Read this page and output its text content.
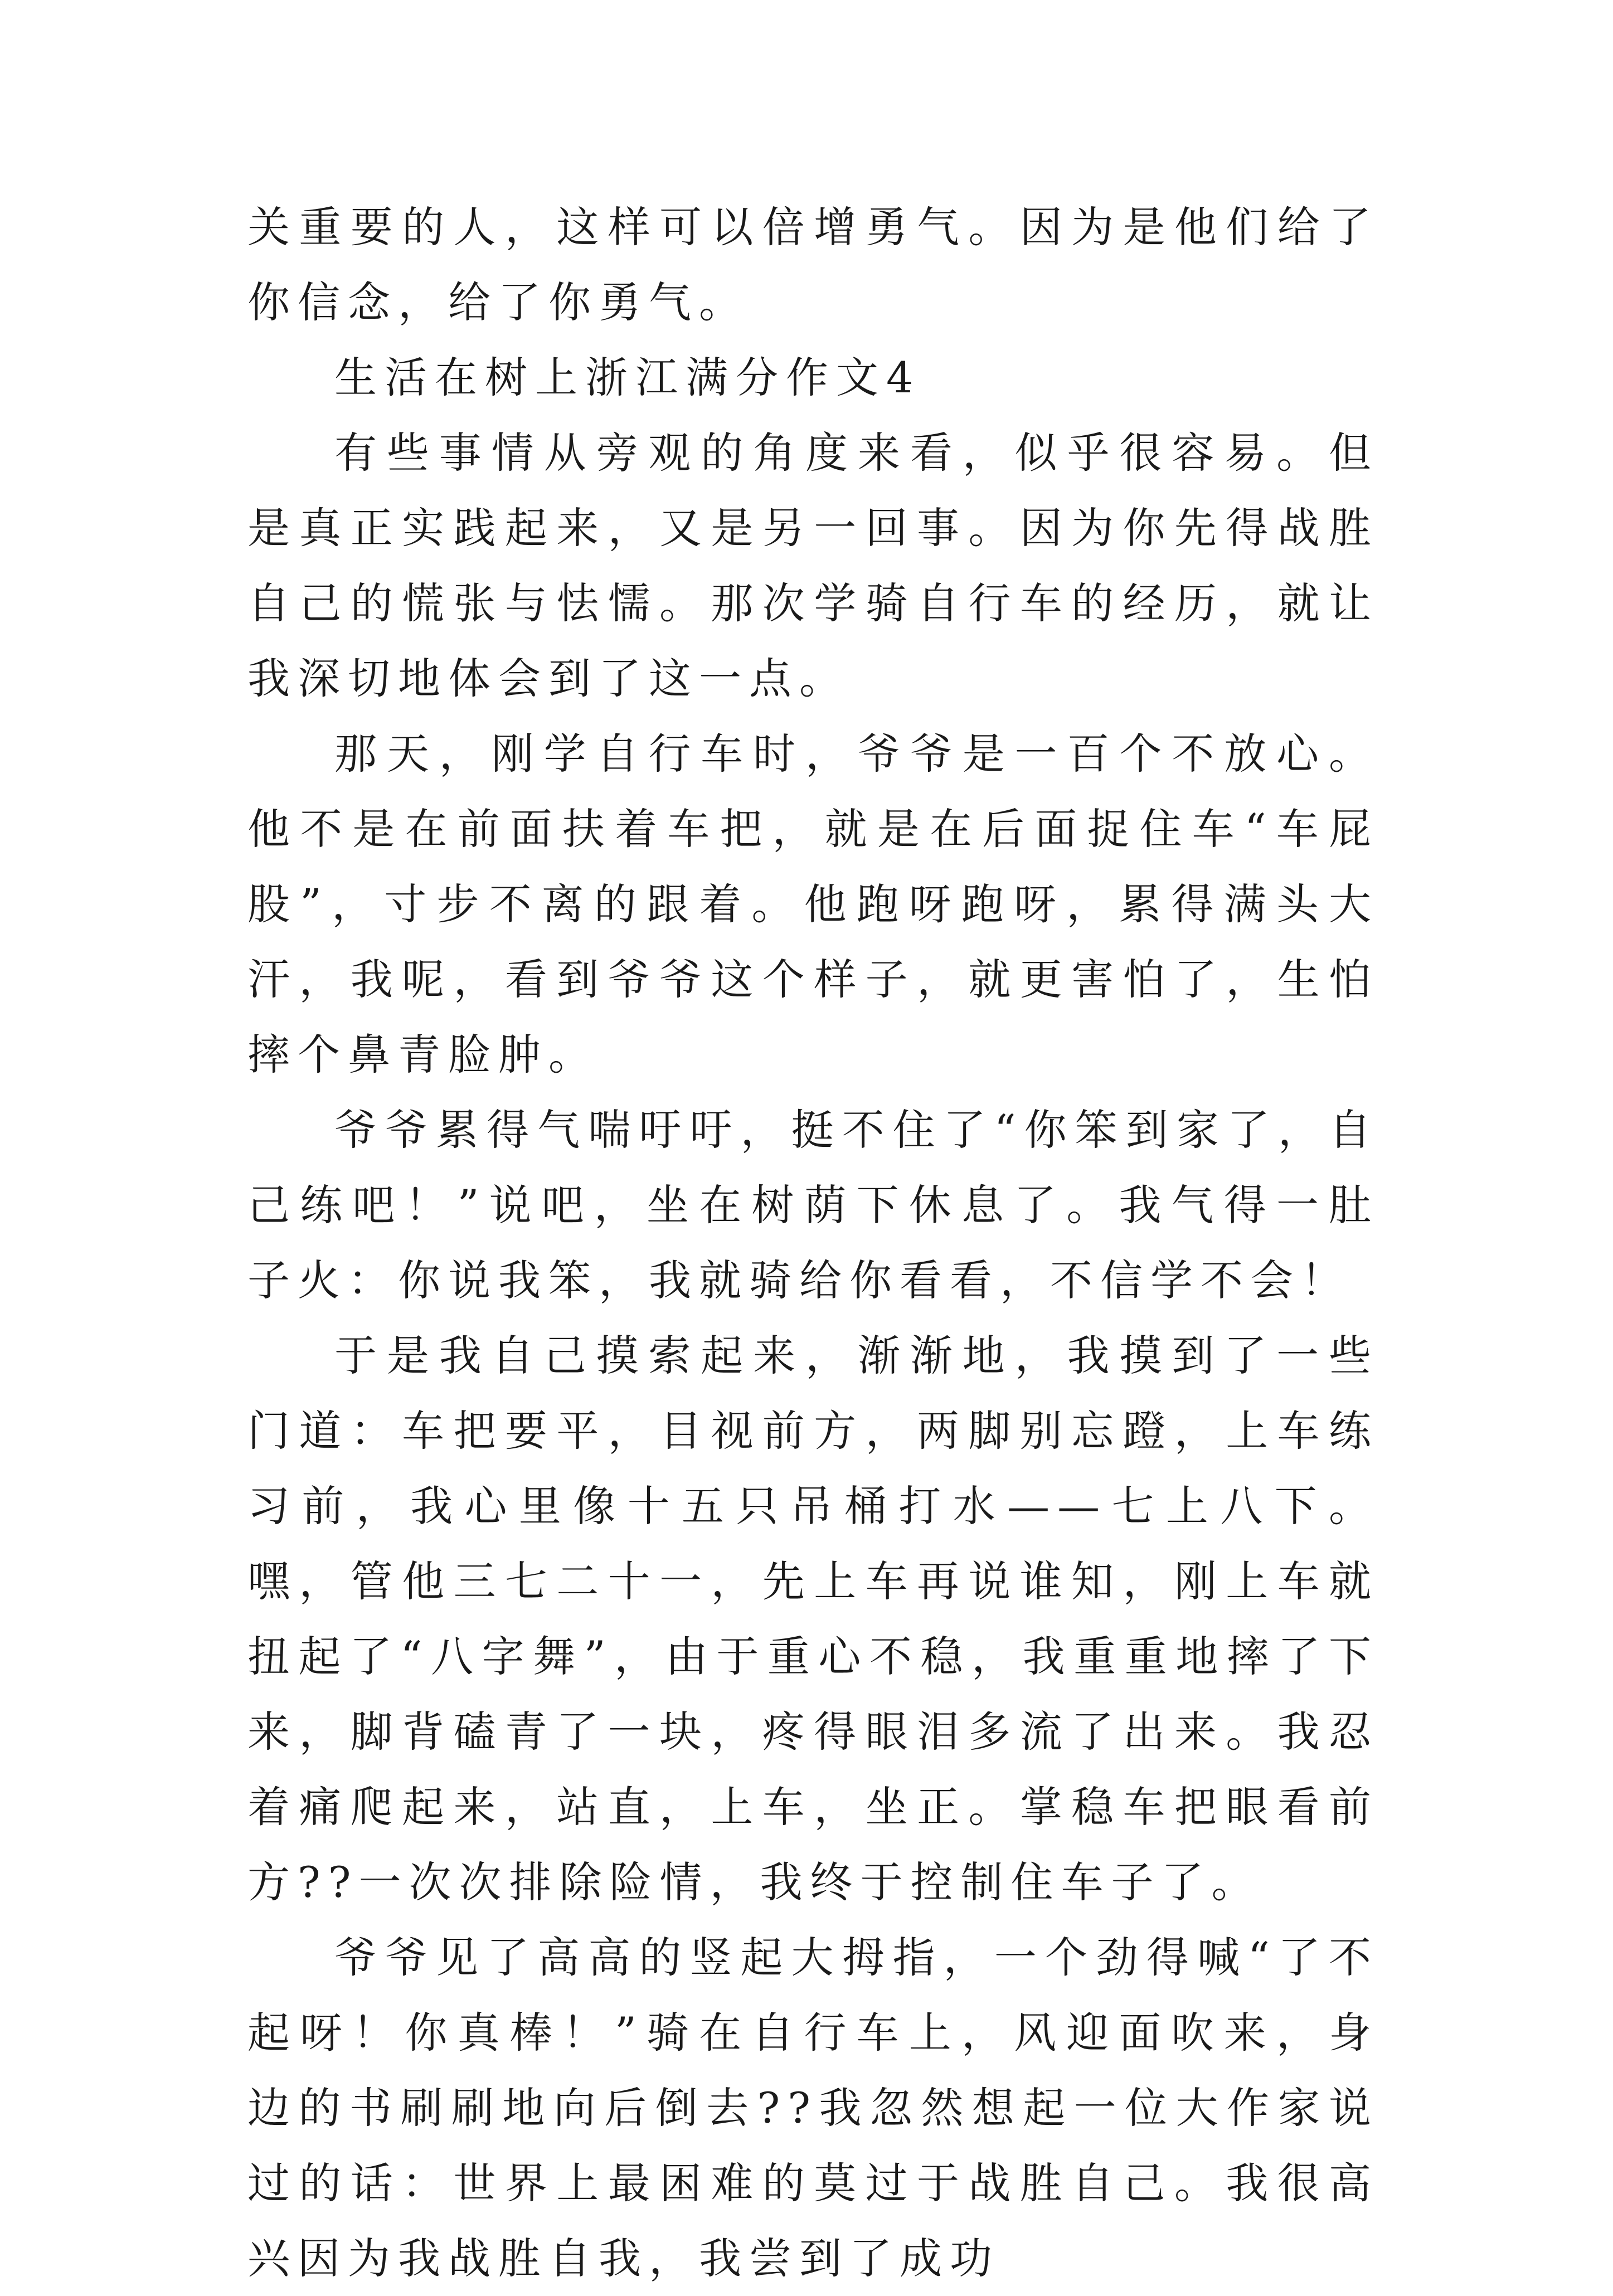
关重要的人，这样可以倍增勇气。因为是他们给了你信念，给了你勇气。

生活在树上浙江满分作文4

有些事情从旁观的角度来看，似乎很容易。但是真正实践起来，又是另一回事。因为你先得战胜自己的慌张与怯懦。那次学骑自行车的经历，就让我深切地体会到了这一点。

那天，刚学自行车时，爷爷是一百个不放心。他不是在前面扶着车把，就是在后面捉住车“车屁股”，寸步不离的跟着。他跑呀跑呀，累得满头大汗，我呢，看到爷爷这个样子，就更害怕了，生怕摔个鼻青脸肿。

爷爷累得气喘吁吁，挺不住了“你笨到家了，自己练吧！”说吧，坐在树荫下休息了。我气得一肚子火：你说我笨，我就骑给你看看，不信学不会！

于是我自己摸索起来，渐渐地，我摸到了一些门道：车把要平，目视前方，两脚别忘蹬，上车练习前，我心里像十五只吊桶打水——七上八下。嘿，管他三七二十一，先上车再说谁知，刚上车就扭起了“八字舞”，由于重心不稳，我重重地摔了下来，脚背磕青了一块，疼得眼泪多流了出来。我忍着痛爬起来，站直，上车，坐正。掌稳车把眼看前方??一次次排除险情，我终于控制住车子了。

爷爷见了高高的竖起大拇指，一个劲得喊“了不起呀！你真棒！”骑在自行车上，风迎面吹来，身边的书刷刷地向后倒去??我忽然想起一位大作家说过的话：世界上最困难的莫过于战胜自己。我很高兴因为我战胜自我，我尝到了成功
